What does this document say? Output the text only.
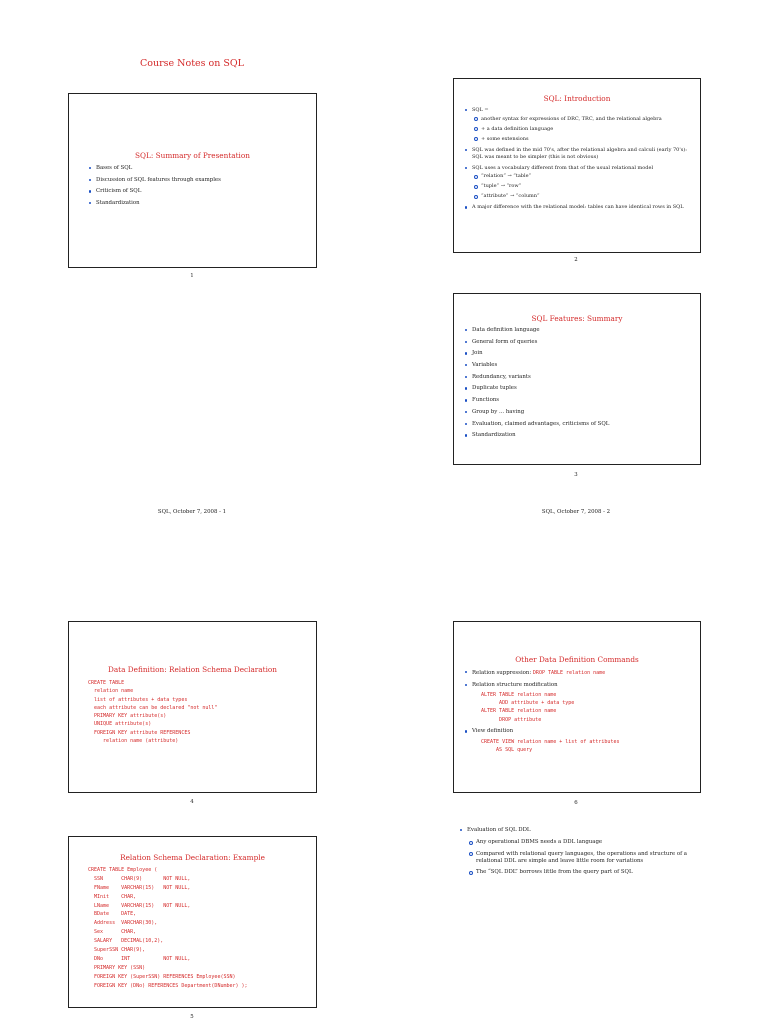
Course Notes on SQL
SQL: Summary of Presentation
Bases of SQL
Discussion of SQL features through examples
Criticism of SQL
Standardization
1
SQL: Introduction
SQL =
another syntax for expressions of DRC, TRC, and the relational algebra
+ a data definition language
+ some extensions
SQL was defined in the mid 70's, after the relational algebra and calculi (early 70's): SQL was meant to be simpler (this is not obvious)
SQL uses a vocabulary different from that of the usual relational model
“relation” → “table”
“tuple” → “row”
“attribute” → “column”
A major difference with the relational model: tables can have identical rows in SQL
2
SQL Features: Summary
Data definition language
General form of queries
Join
Variables
Redundancy, variants
Duplicate tuples
Functions
Group by ... having
Evaluation, claimed advantages, criticisms of SQL
Standardization
3
SQL, October 7, 2008 - 1	SQL, October 7, 2008 - 2
Data Definition: Relation Schema Declaration
CREATE TABLE
relation name
list of attributes + data types
each attribute can be declared "not null"
PRIMARY KEY attribute(s)
UNIQUE attribute(s)
FOREIGN KEY attribute REFERENCES
relation name (attribute)
4
Other Data Definition Commands
Relation suppression: DROP TABLE relation name
Relation structure modification
ALTER TABLE relation name
ADD attribute + data type
ALTER TABLE relation name
DROP attribute
View definition
CREATE VIEW relation name + list of attributes
AS SQL query
6
Relation Schema Declaration: Example
CREATE TABLE Employee (
SSN      CHAR(9)       NOT NULL,
FName    VARCHAR(15)   NOT NULL,
MInit    CHAR,
LName    VARCHAR(15)   NOT NULL,
BDate    DATE,
Address  VARCHAR(30),
Sex      CHAR,
SALARY   DECIMAL(10,2),
SuperSSN CHAR(9),
DNo      INT           NOT NULL,
PRIMARY KEY (SSN)
FOREIGN KEY (SuperSSN) REFERENCES Employee(SSN)
FOREIGN KEY (DNo) REFERENCES Department(DNumber) );
5
Evaluation of SQL DDL
Any operational DBMS needs a DDL language
Compared with relational query languages, the operations and structure of a relational DDL are simple and leave little room for variations
The “SQL DDL” borrows little from the query part of SQL
